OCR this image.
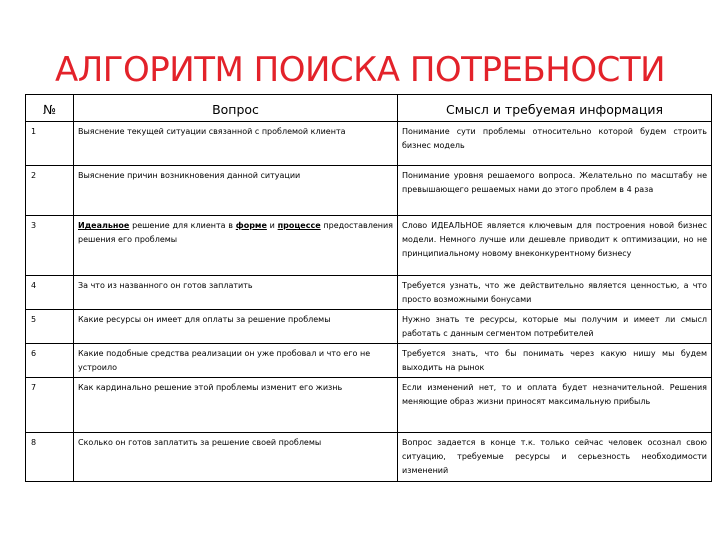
АЛГОРИТМ ПОИСКА ПОТРЕБНОСТИ
№	Вопрос	Смысл и требуемая информация
1	Выяснение текущей ситуации связанной с проблемой клиента	Понимание сути проблемы относительно которой будем строить бизнес модель
2	Выяснение причин возникновения данной ситуации	Понимание уровня решаемого вопроса. Желательно по масштабу не превышающего решаемых нами до этого проблем в 4 раза
3	Идеальное решение для клиента в форме и процессе предоставления решения его проблемы	Слово ИДЕАЛЬНОЕ является ключевым для построения новой бизнес модели. Немного лучше или дешевле приводит к оптимизации, но не принципиальному новому внеконкурентному бизнесу
4	За что из названного он готов заплатить	Требуется узнать, что же действительно является ценностью, а что просто возможными бонусами
5	Какие ресурсы он имеет для оплаты за решение проблемы	Нужно знать те ресурсы, которые мы получим и имеет ли смысл работать с данным сегментом потребителей
6	Какие подобные средства реализации он уже пробовал и что его не устроило	Требуется знать, что бы понимать через какую нишу мы будем выходить на рынок
7	Как кардинально решение этой проблемы изменит его жизнь	Если изменений нет, то и оплата будет незначительной. Решения меняющие образ жизни приносят максимальную прибыль
8	Сколько он готов заплатить за решение своей проблемы	Вопрос задается в конце т.к. только сейчас человек осознал свою ситуацию, требуемые ресурсы и серьезность необходимости изменений
